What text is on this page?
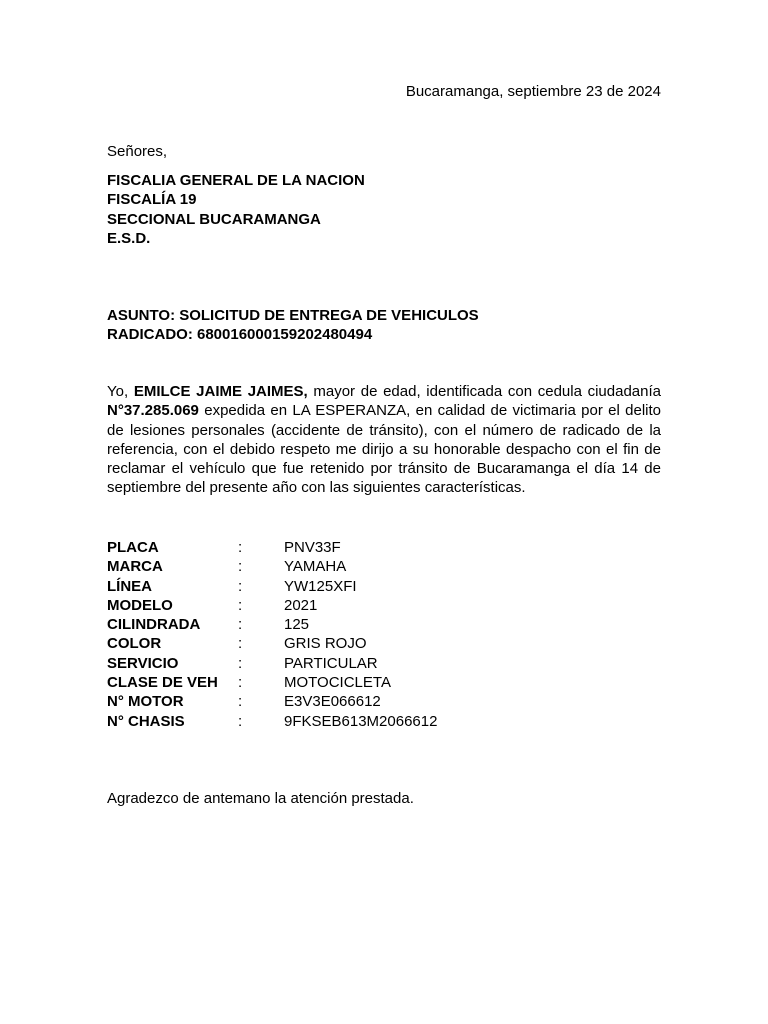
Bucaramanga, septiembre 23 de 2024
Señores,
FISCALIA GENERAL DE LA NACION
FISCALÍA 19
SECCIONAL BUCARAMANGA
E.S.D.
ASUNTO: SOLICITUD DE ENTREGA DE VEHICULOS
RADICADO: 68001600015920248049​4
Yo, EMILCE JAIME JAIMES, mayor de edad, identificada con cedula ciudadanía N°37.285.069 expedida en LA ESPERANZA, en calidad de victimaria por el delito de lesiones personales (accidente de tránsito), con el número de radicado de la referencia, con el debido respeto me dirijo a su honorable despacho con el fin de reclamar el vehículo que fue retenido por tránsito de Bucaramanga el día 14 de septiembre del presente año con las siguientes características.
PLACA	:	PNV33F
MARCA	:	YAMAHA
LÍNEA	:	YW125XFI
MODELO	:	2021
CILINDRADA	:	125
COLOR	:	GRIS ROJO
SERVICIO	:	PARTICULAR
CLASE DE VEH	:	MOTOCICLETA
N° MOTOR	:	E3V3E066612
N° CHASIS	:	9FKSEB613M2066612
Agradezco de antemano la atención prestada.
